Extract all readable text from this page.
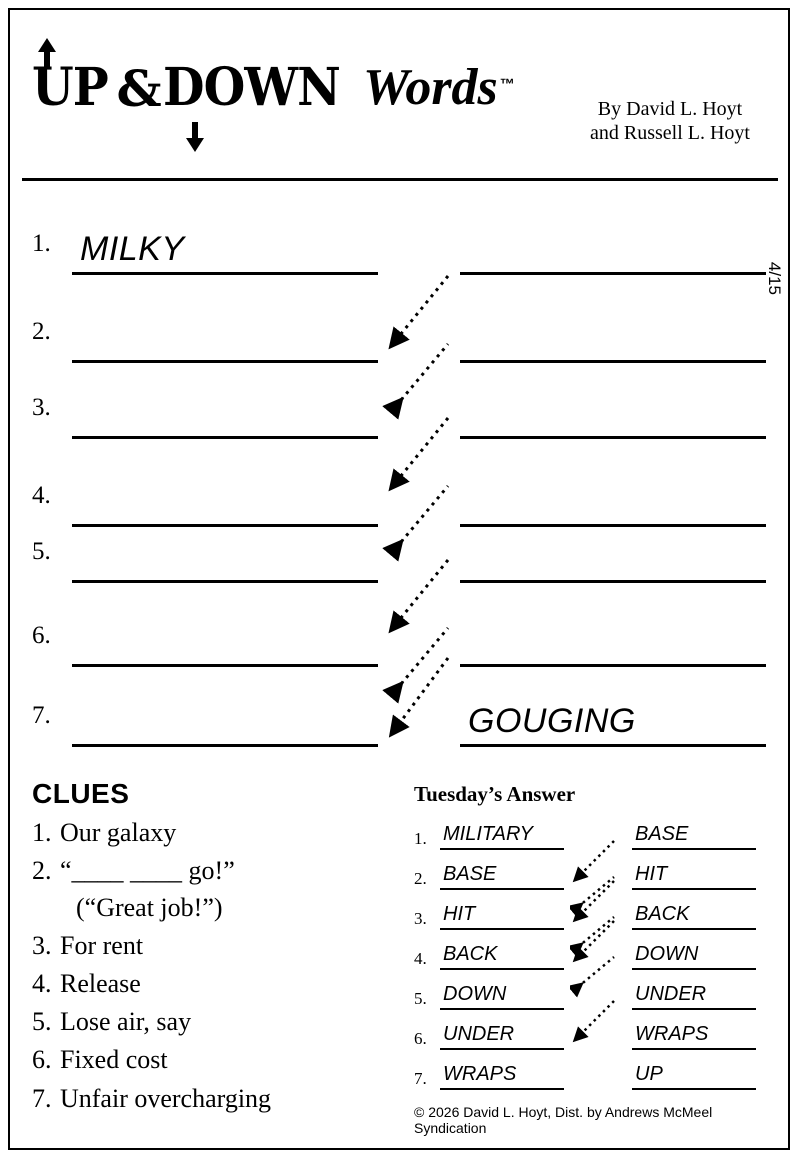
UP & DOWN Words ™
By David L. Hoyt
and Russell L. Hoyt
4/15
1. MILKY
2.
3.
4.
5.
6.
7.	GOUGING
CLUES
1. Our galaxy
2. “____ ____ go!”
(“Great job!”)
3. For rent
4. Release
5. Lose air, say
6. Fixed cost
7. Unfair overcharging
Tuesday’s Answer
1. MILITARY	BASE
2. BASE	HIT
3. HIT	BACK
4. BACK	DOWN
5. DOWN	UNDER
6. UNDER	WRAPS
7. WRAPS	UP
© 2026 David L. Hoyt, Dist. by Andrews McMeel Syndication
